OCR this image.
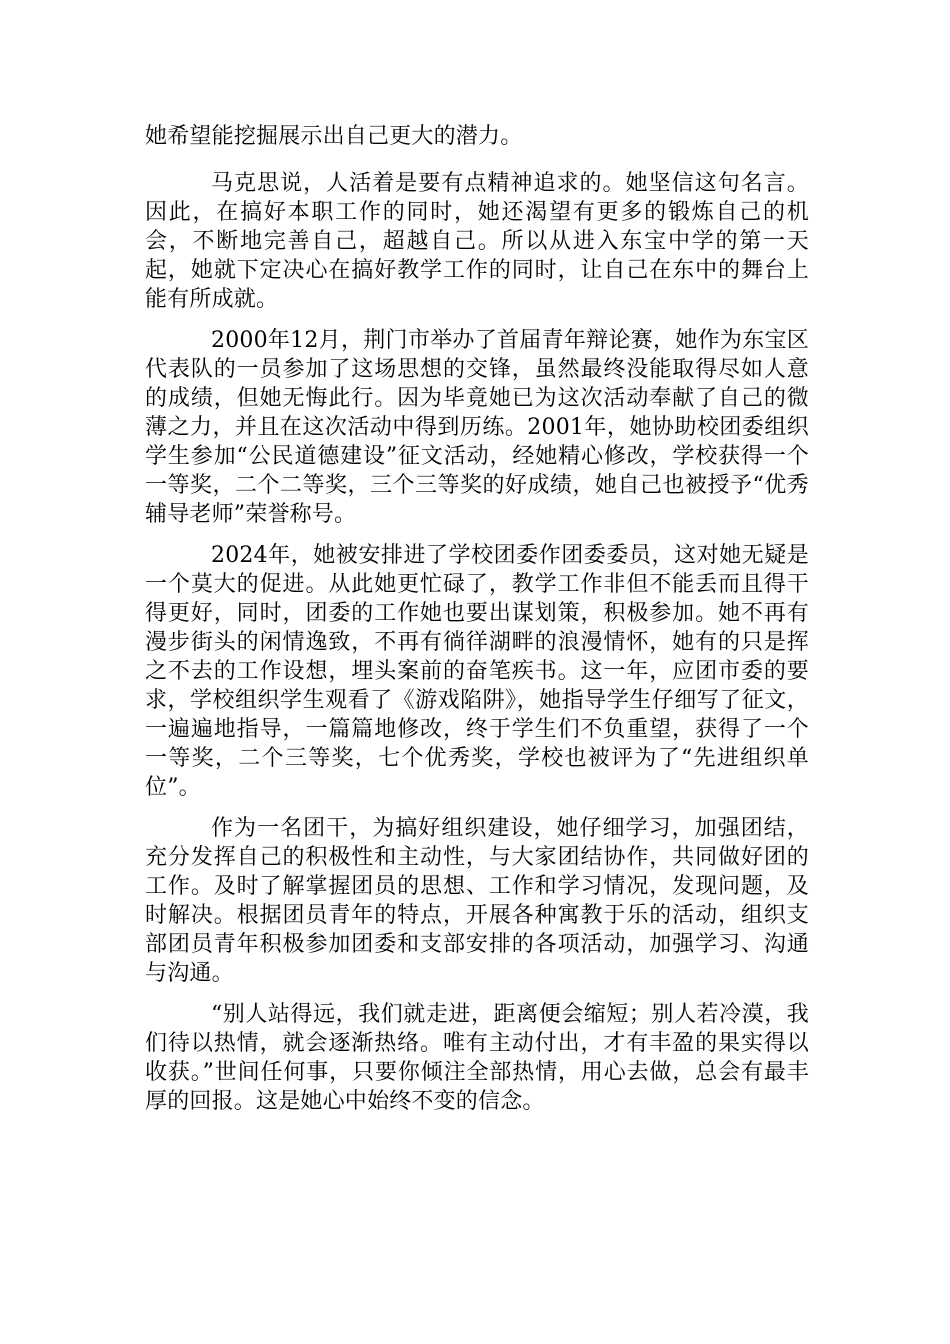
她希望能挖掘展示出自己更大的潜力。

马克思说，人活着是要有点精神追求的。她坚信这句名言。因此，在搞好本职工作的同时，她还渴望有更多的锻炼自己的机会，不断地完善自己，超越自己。所以从进入东宝中学的第一天起，她就下定决心在搞好教学工作的同时，让自己在东中的舞台上能有所成就。

2000年12月，荆门市举办了首届青年辩论赛，她作为东宝区代表队的一员参加了这场思想的交锋，虽然最终没能取得尽如人意的成绩，但她无悔此行。因为毕竟她已为这次活动奉献了自己的微薄之力，并且在这次活动中得到历练。2001年，她协助校团委组织学生参加“公民道德建设”征文活动，经她精心修改，学校获得一个一等奖，二个二等奖，三个三等奖的好成绩，她自己也被授予“优秀辅导老师”荣誉称号。

2024年，她被安排进了学校团委作团委委员，这对她无疑是一个莫大的促进。从此她更忙碌了，教学工作非但不能丢而且得干得更好，同时，团委的工作她也要出谋划策，积极参加。她不再有漫步街头的闲情逸致，不再有徜徉湖畔的浪漫情怀，她有的只是挥之不去的工作设想，埋头案前的奋笔疾书。这一年，应团市委的要求，学校组织学生观看了《游戏陷阱》，她指导学生仔细写了征文，一遍遍地指导，一篇篇地修改，终于学生们不负重望，获得了一个一等奖，二个三等奖，七个优秀奖，学校也被评为了“先进组织单位”。

作为一名团干，为搞好组织建设，她仔细学习，加强团结，充分发挥自己的积极性和主动性，与大家团结协作，共同做好团的工作。及时了解掌握团员的思想、工作和学习情况，发现问题，及时解决。根据团员青年的特点，开展各种寓教于乐的活动，组织支部团员青年积极参加团委和支部安排的各项活动，加强学习、沟通与沟通。

“别人站得远，我们就走进，距离便会缩短；别人若冷漠，我们待以热情，就会逐渐热络。唯有主动付出，才有丰盈的果实得以收获。”世间任何事，只要你倾注全部热情，用心去做，总会有最丰厚的回报。这是她心中始终不变的信念。
